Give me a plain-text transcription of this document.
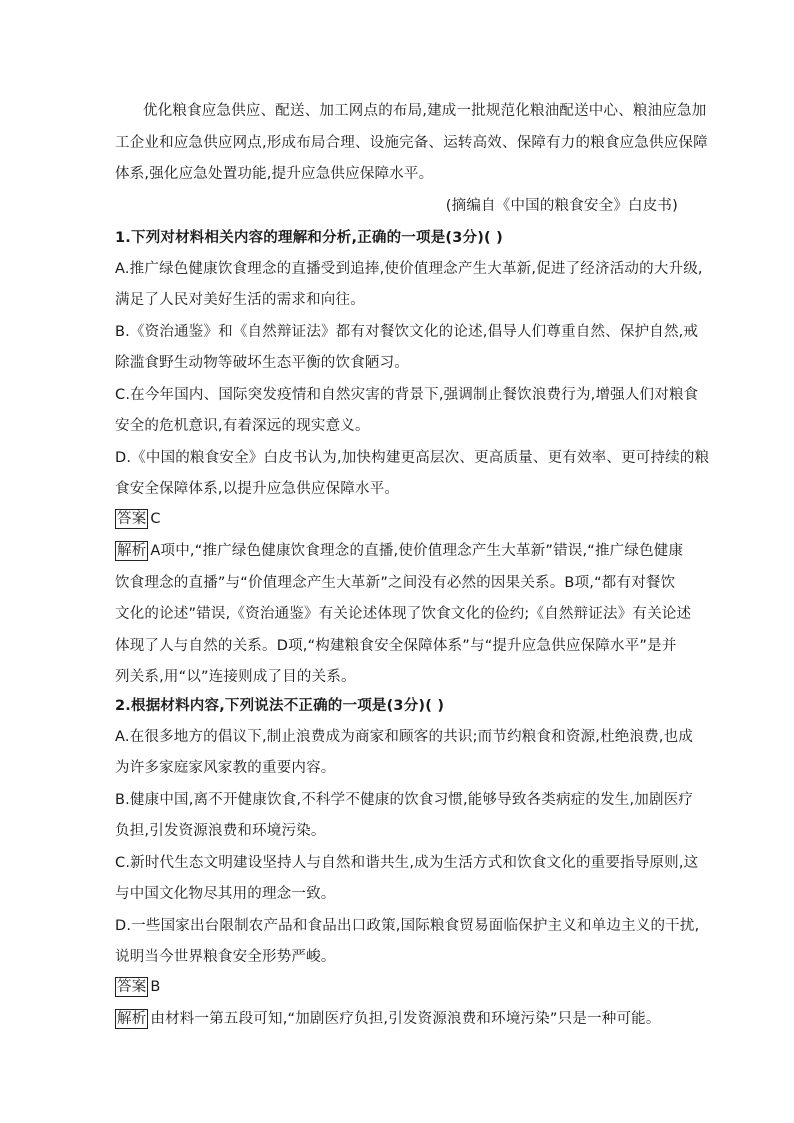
优化粮食应急供应、配送、加工网点的布局,建成一批规范化粮油配送中心、粮油应急加
工企业和应急供应网点,形成布局合理、设施完备、运转高效、保障有力的粮食应急供应保障
体系,强化应急处置功能,提升应急供应保障水平。
(摘编自《中国的粮食安全》白皮书)
1.下列对材料相关内容的理解和分析,正确的一项是(3分)( )
A.推广绿色健康饮食理念的直播受到追捧,使价值理念产生大革新,促进了经济活动的大升级,
满足了人民对美好生活的需求和向往。
B.《资治通鉴》和《自然辩证法》都有对餐饮文化的论述,倡导人们尊重自然、保护自然,戒
除滥食野生动物等破坏生态平衡的饮食陋习。
C.在今年国内、国际突发疫情和自然灾害的背景下,强调制止餐饮浪费行为,增强人们对粮食
安全的危机意识,有着深远的现实意义。
D.《中国的粮食安全》白皮书认为,加快构建更高层次、更高质量、更有效率、更可持续的粮
食安全保障体系,以提升应急供应保障水平。
答案 C
解析 A项中,“推广绿色健康饮食理念的直播,使价值理念产生大革新”错误,“推广绿色健康
饮食理念的直播”与“价值理念产生大革新”之间没有必然的因果关系。B项,“都有对餐饮
文化的论述”错误,《资治通鉴》有关论述体现了饮食文化的俭约;《自然辩证法》有关论述
体现了人与自然的关系。D项,“构建粮食安全保障体系”与“提升应急供应保障水平”是并
列关系,用“以”连接则成了目的关系。
2.根据材料内容,下列说法不正确的一项是(3分)( )
A.在很多地方的倡议下,制止浪费成为商家和顾客的共识;而节约粮食和资源,杜绝浪费,也成
为许多家庭家风家教的重要内容。
B.健康中国,离不开健康饮食,不科学不健康的饮食习惯,能够导致各类病症的发生,加剧医疗
负担,引发资源浪费和环境污染。
C.新时代生态文明建设坚持人与自然和谐共生,成为生活方式和饮食文化的重要指导原则,这
与中国文化物尽其用的理念一致。
D.一些国家出台限制农产品和食品出口政策,国际粮食贸易面临保护主义和单边主义的干扰,
说明当今世界粮食安全形势严峻。
答案 B
解析 由材料一第五段可知,“加剧医疗负担,引发资源浪费和环境污染”只是一种可能。
